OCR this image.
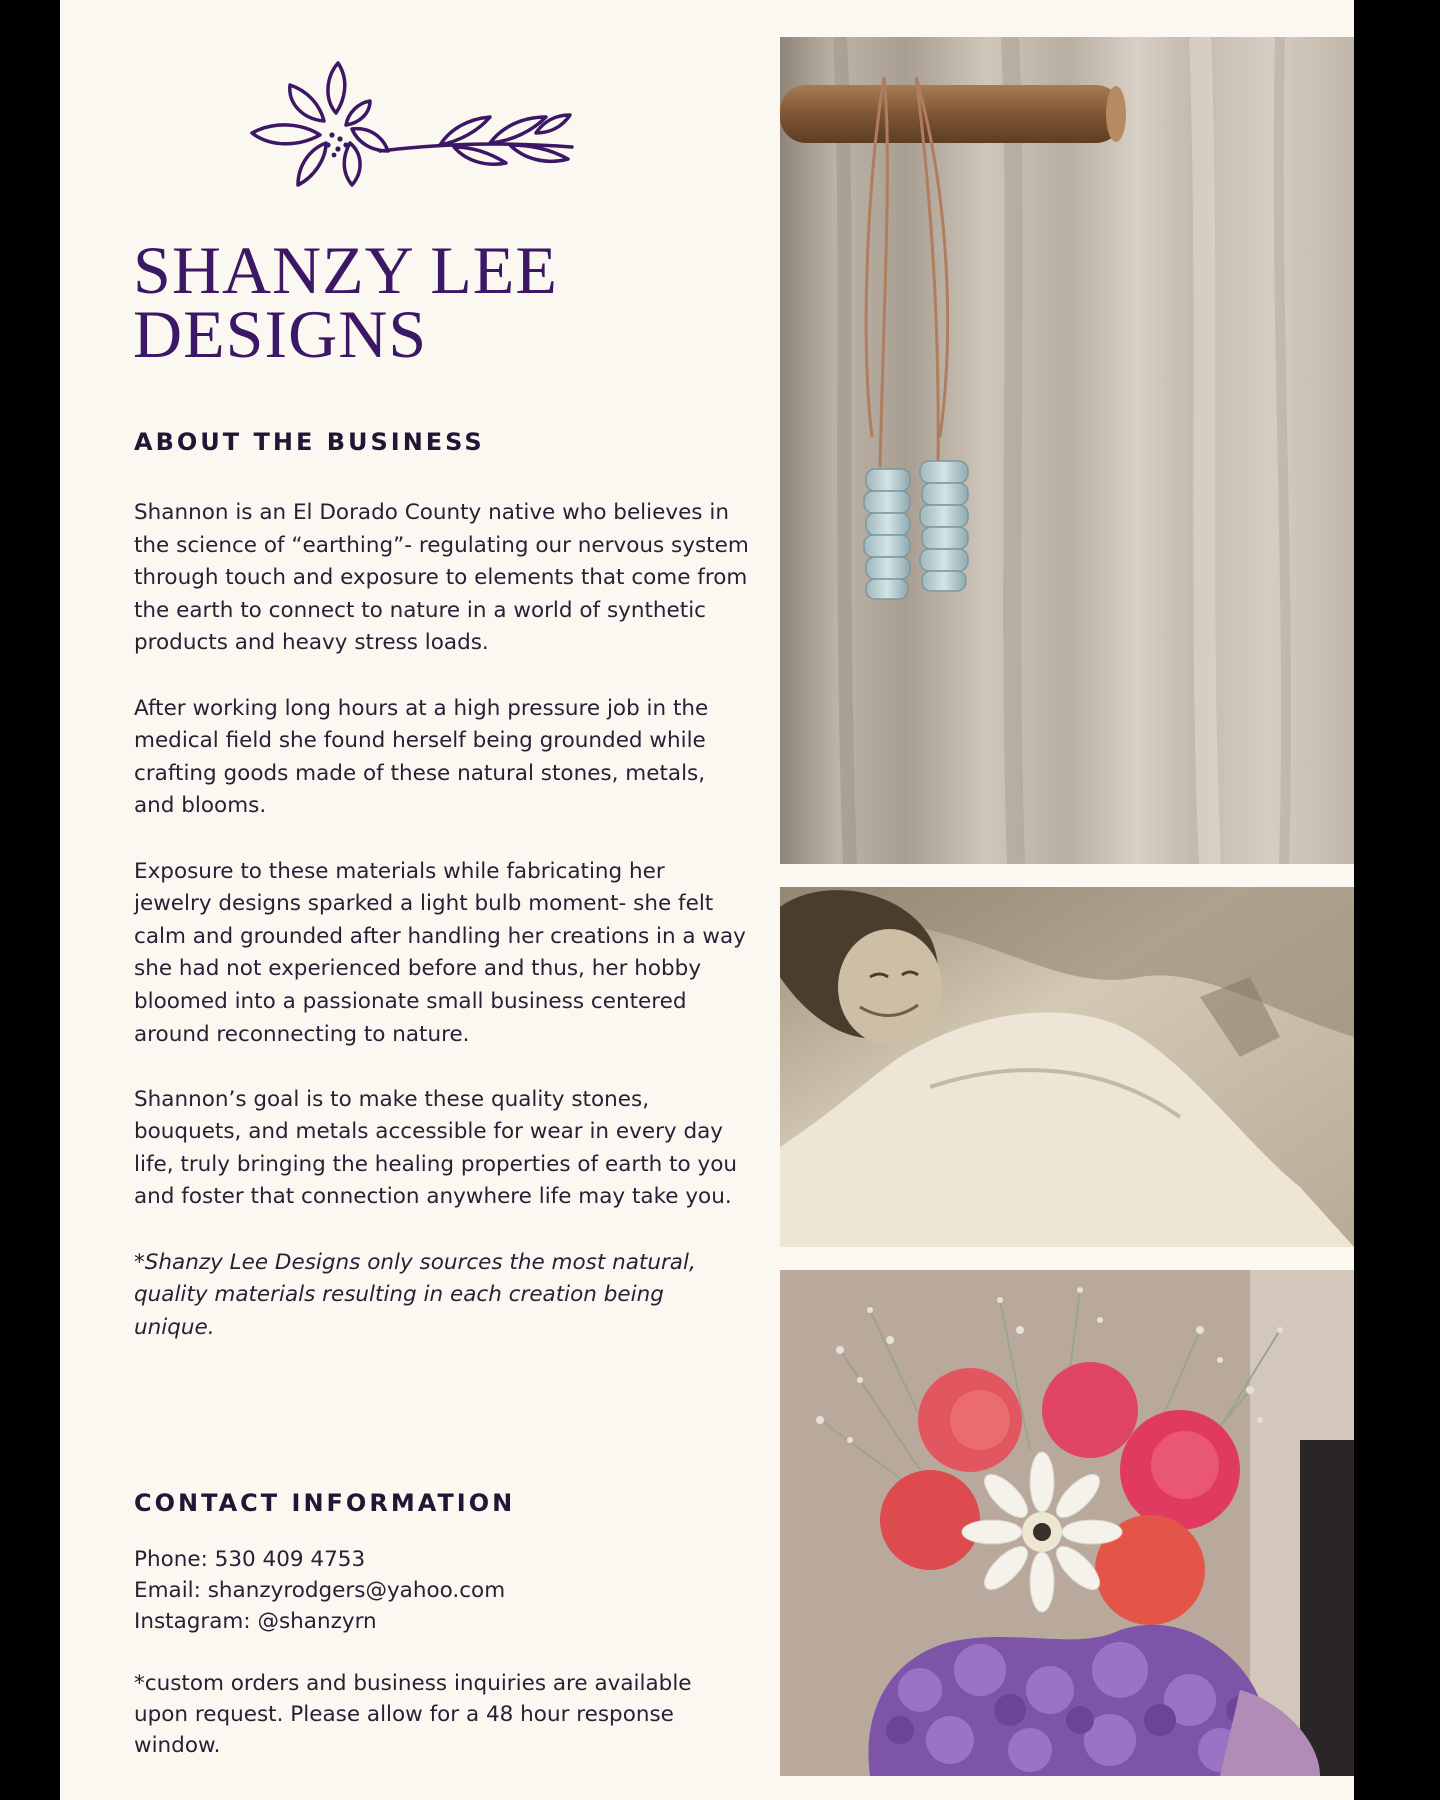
SHANZY LEE
DESIGNS
ABOUT THE BUSINESS

Shannon is an El Dorado County native who believes in the science of “earthing”- regulating our nervous system through touch and exposure to elements that come from the earth to connect to nature in a world of synthetic products and heavy stress loads.

After working long hours at a high pressure job in the medical field she found herself being grounded while crafting goods made of these natural stones, metals, and blooms.

Exposure to these materials while fabricating her jewelry designs sparked a light bulb moment- she felt calm and grounded after handling her creations in a way she had not experienced before and thus, her hobby bloomed into a passionate small business centered around reconnecting to nature.

Shannon’s goal is to make these quality stones, bouquets, and metals accessible for wear in every day life, truly bringing the healing properties of earth to you and foster that connection anywhere life may take you.

*Shanzy Lee Designs only sources the most natural, quality materials resulting in each creation being unique.

CONTACT INFORMATION
Phone: 530 409 4753
Email: shanzyrodgers@yahoo.com
Instagram: @shanzyrn
*custom orders and business inquiries are available upon request. Please allow for a 48 hour response window.
